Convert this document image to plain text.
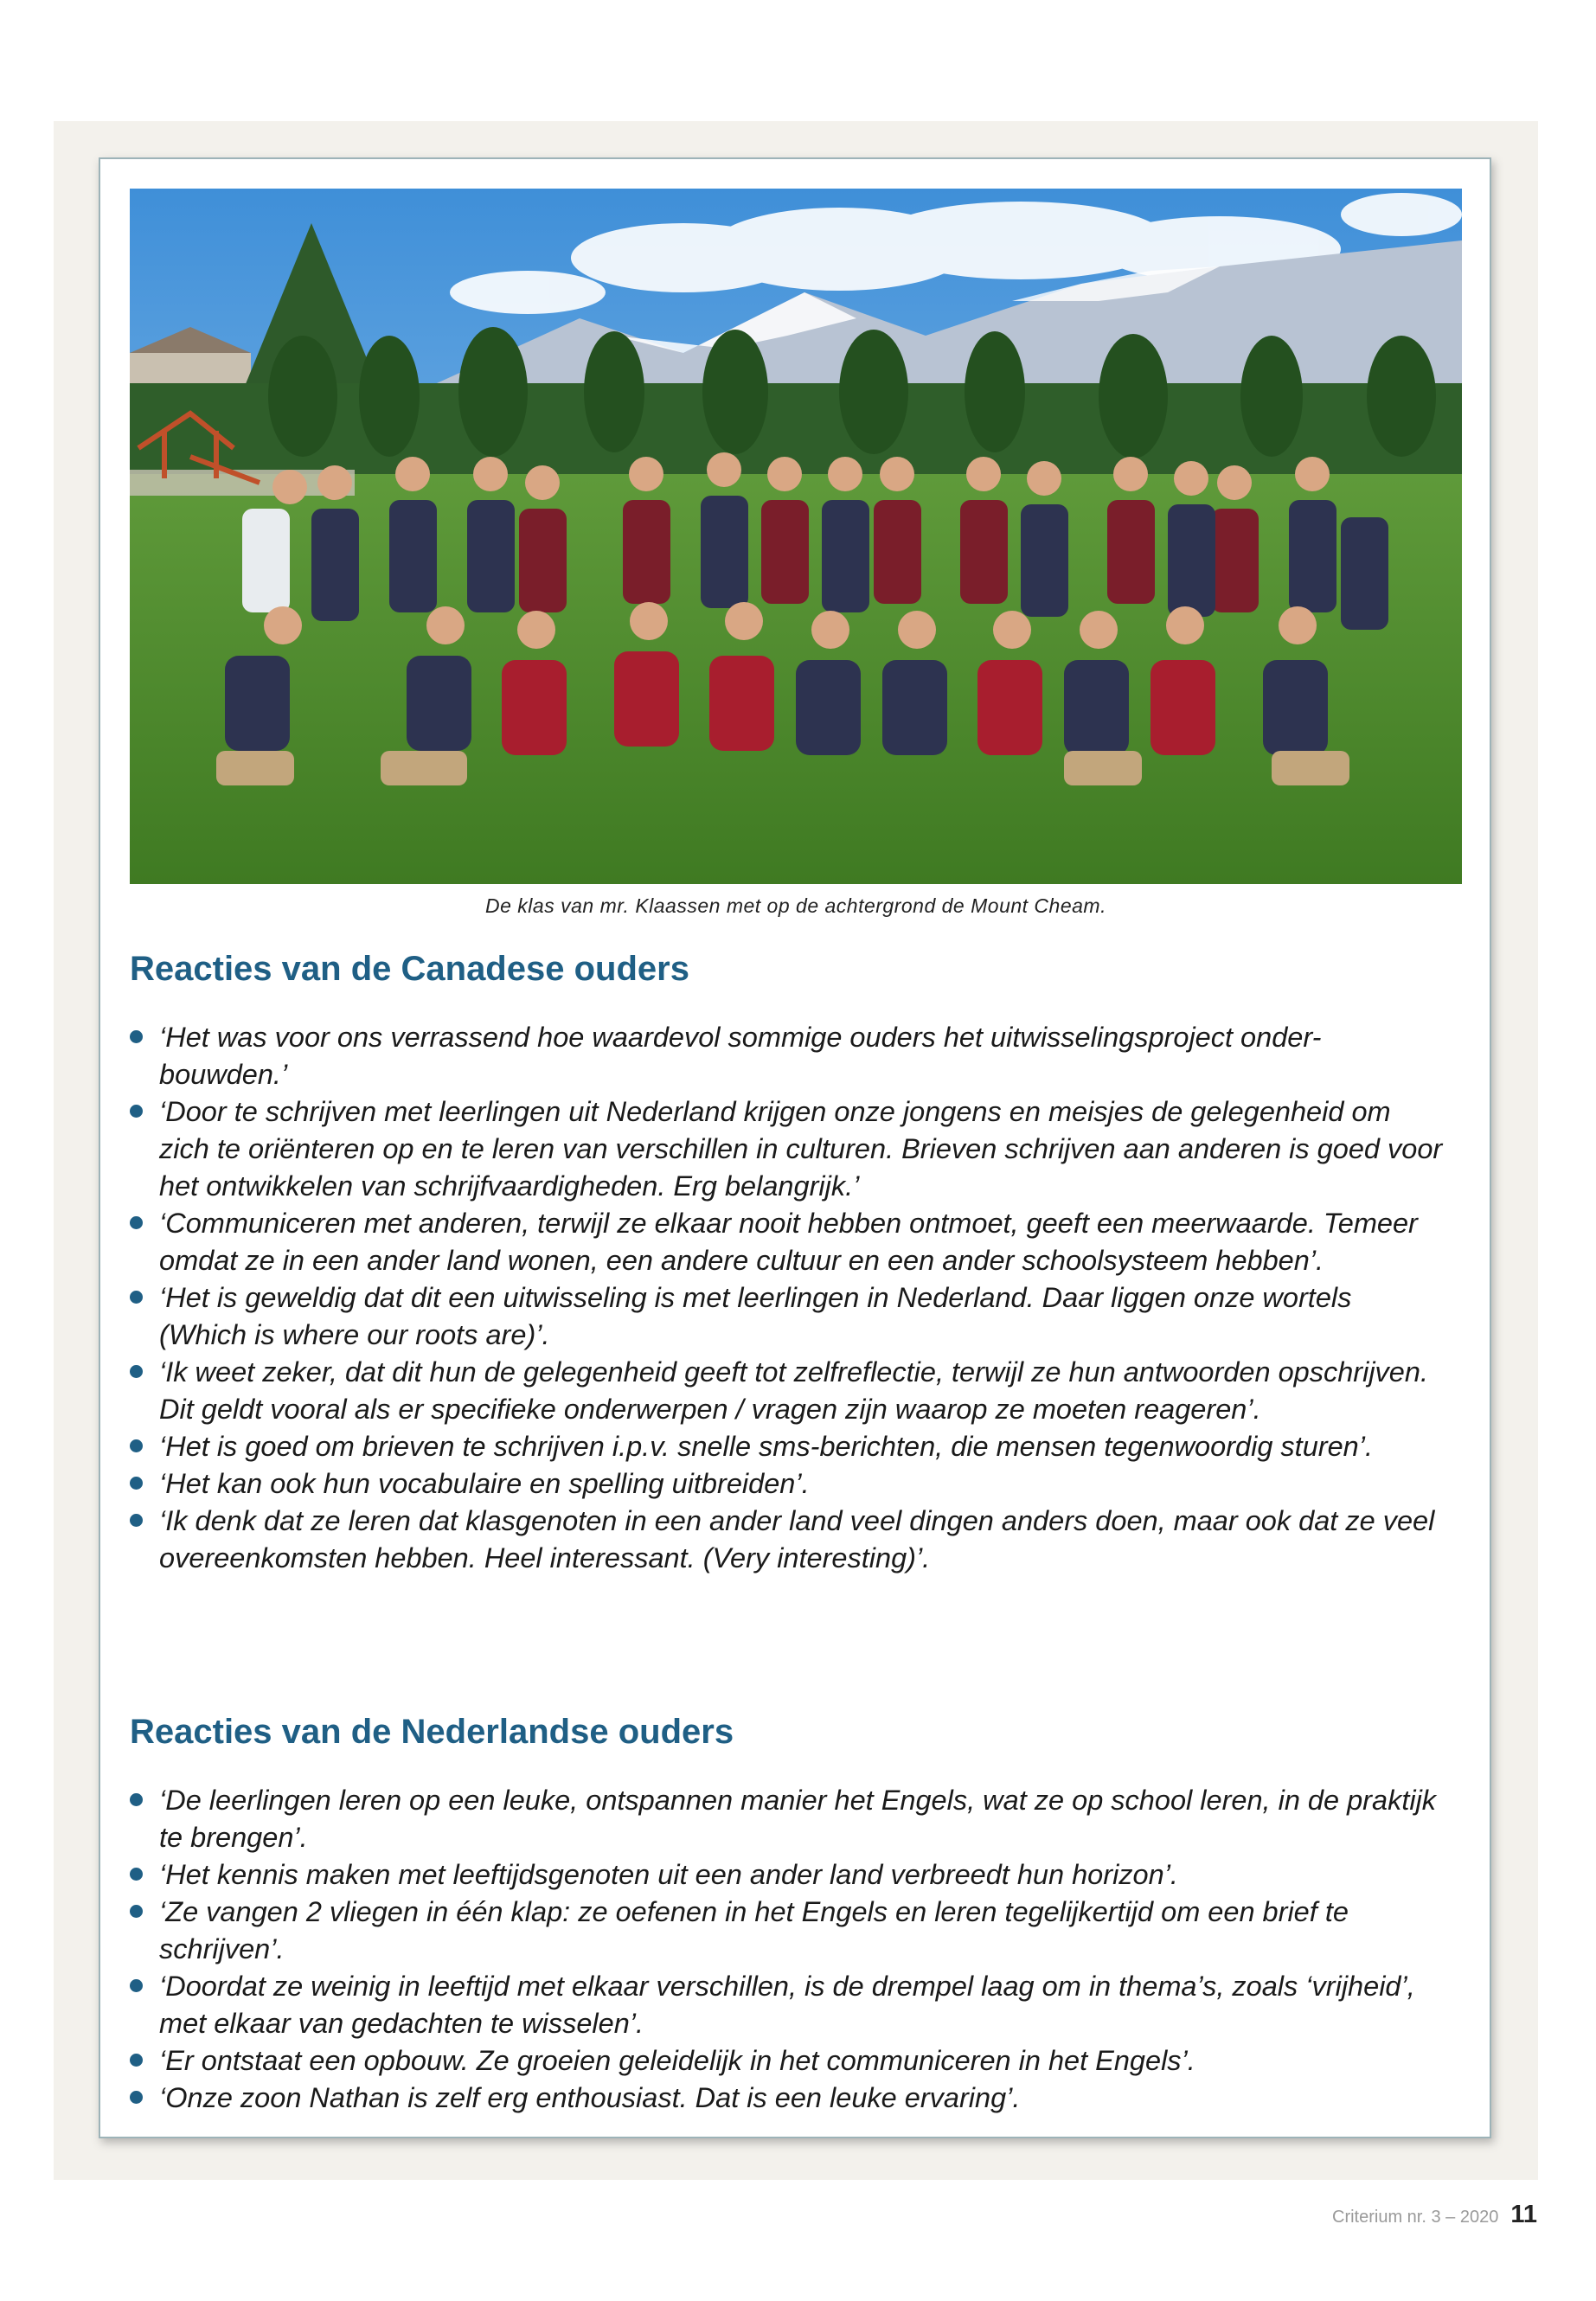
De klas van mr. Klaassen met op de achtergrond de Mount Cheam.
Reacties van de Canadese ouders
‘Het was voor ons verrassend hoe waardevol sommige ouders het uitwisselingsproject onder-bouwden.’
‘Door te schrijven met leerlingen uit Nederland krijgen onze jongens en meisjes de gelegenheid om zich te oriënteren op en te leren van verschillen in culturen. Brieven schrijven aan anderen is goed voor het ontwikkelen van schrijfvaardigheden. Erg belangrijk.’
‘Communiceren met anderen, terwijl ze elkaar nooit hebben ontmoet, geeft een meerwaarde. Temeer omdat ze in een ander land wonen, een andere cultuur en een ander schoolsysteem hebben’.
‘Het is geweldig dat dit een uitwisseling is met leerlingen in Nederland. Daar liggen onze wortels (Which is where our roots are)’.
‘Ik weet zeker, dat dit hun de gelegenheid geeft tot zelfreflectie, terwijl ze hun antwoorden opschrijven. Dit geldt vooral als er specifieke onderwerpen / vragen zijn waarop ze moeten reageren’.
‘Het is goed om brieven te schrijven i.p.v. snelle sms-berichten, die mensen tegenwoordig sturen’.
‘Het kan ook hun vocabulaire en spelling uitbreiden’.
‘Ik denk dat ze leren dat klasgenoten in een ander land veel dingen anders doen, maar ook dat ze veel overeenkomsten hebben. Heel interessant. (Very interesting)’.
Reacties van de Nederlandse ouders
‘De leerlingen leren op een leuke, ontspannen manier het Engels, wat ze op school leren, in de praktijk te brengen’.
‘Het kennis maken met leeftijdsgenoten uit een ander land verbreedt hun horizon’.
‘Ze vangen 2 vliegen in één klap: ze oefenen in het Engels en leren tegelijkertijd om een brief te schrijven’.
‘Doordat ze weinig in leeftijd met elkaar verschillen, is de drempel laag om in thema’s, zoals ‘vrijheid’, met elkaar van gedachten te wisselen’.
‘Er ontstaat een opbouw. Ze groeien geleidelijk in het communiceren in het Engels’.
‘Onze zoon Nathan is zelf erg enthousiast. Dat is een leuke ervaring’.
Criterium nr. 3 – 2020 11
